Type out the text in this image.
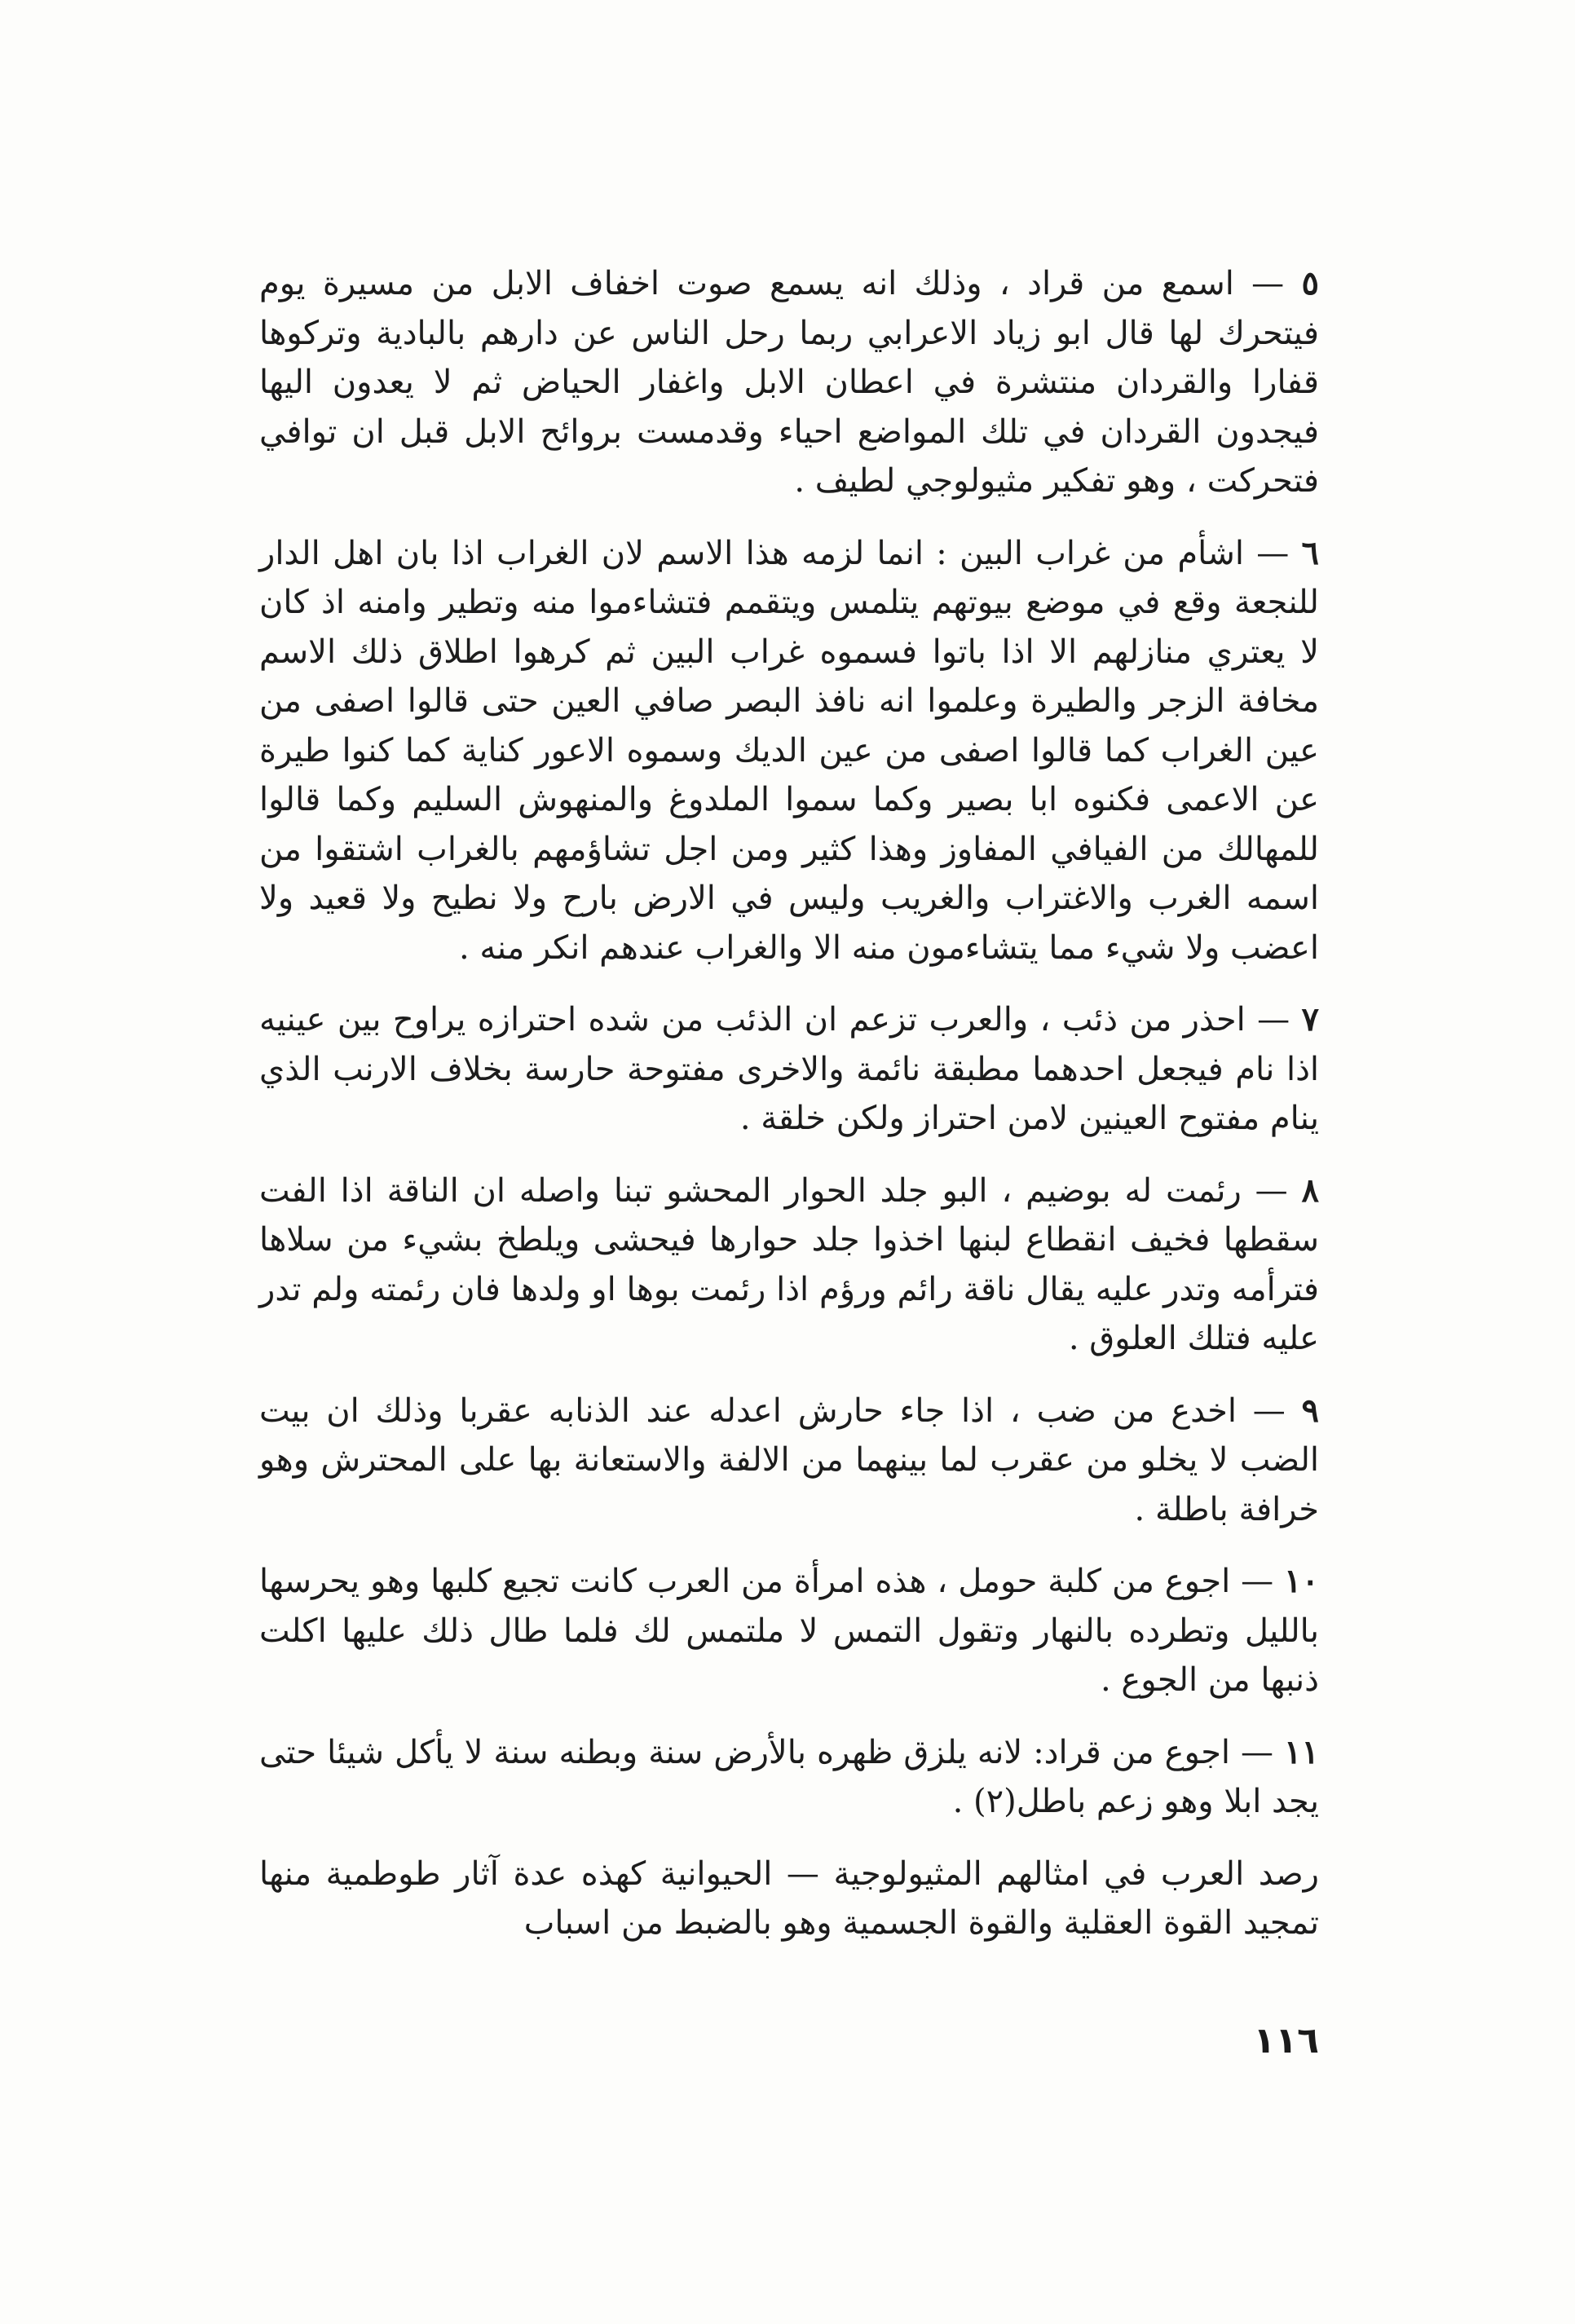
٥ — اسمع من قراد ، وذلك انه يسمع صوت اخفاف الابل من مسيرة يوم فيتحرك لها قال ابو زياد الاعرابي ربما رحل الناس عن دارهم بالبادية وتركوها قفارا والقردان منتشرة في اعطان الابل واغفار الحياض ثم لا يعدون اليها فيجدون القردان في تلك المواضع احياء وقدمست بروائح الابل قبل ان توافي فتحركت ، وهو تفكير مثيولوجي لطيف .
٦ — اشأم من غراب البين : انما لزمه هذا الاسم لان الغراب اذا بان اهل الدار للنجعة وقع في موضع بيوتهم يتلمس ويتقمم فتشاءموا منه وتطير وامنه اذ كان لا يعتري منازلهم الا اذا باتوا فسموه غراب البين ثم كرهوا اطلاق ذلك الاسم مخافة الزجر والطيرة وعلموا انه نافذ البصر صافي العين حتى قالوا اصفى من عين الغراب كما قالوا اصفى من عين الديك وسموه الاعور كناية كما كنوا طيرة عن الاعمى فكنوه ابا بصير وكما سموا الملدوغ والمنهوش السليم وكما قالوا للمهالك من الفيافي المفاوز وهذا كثير ومن اجل تشاؤمهم بالغراب اشتقوا من اسمه الغرب والاغتراب والغريب وليس في الارض بارح ولا نطيح ولا قعيد ولا اعضب ولا شيء مما يتشاءمون منه الا والغراب عندهم انكر منه .
٧ — احذر من ذئب ، والعرب تزعم ان الذئب من شده احترازه يراوح بين عينيه اذا نام فيجعل احدهما مطبقة نائمة والاخرى مفتوحة حارسة بخلاف الارنب الذي ينام مفتوح العينين لامن احتراز ولكن خلقة .
٨ — رئمت له بوضيم ، البو جلد الحوار المحشو تبنا واصله ان الناقة اذا الفت سقطها فخيف انقطاع لبنها اخذوا جلد حوارها فيحشى ويلطخ بشيء من سلاها فترأمه وتدر عليه يقال ناقة رائم ورؤم اذا رئمت بوها او ولدها فان رئمته ولم تدر عليه فتلك العلوق .
٩ — اخدع من ضب ، اذا جاء حارش اعدله عند الذنابه عقربا وذلك ان بيت الضب لا يخلو من عقرب لما بينهما من الالفة والاستعانة بها على المحترش وهو خرافة باطلة .
١٠ — اجوع من كلبة حومل ، هذه امرأة من العرب كانت تجيع كلبها وهو يحرسها بالليل وتطرده بالنهار وتقول التمس لا ملتمس لك فلما طال ذلك عليها اكلت ذنبها من الجوع .
١١ — اجوع من قراد: لانه يلزق ظهره بالأرض سنة وبطنه سنة لا يأكل شيئا حتى يجد ابلا وهو زعم باطل(٢) .
رصد العرب في امثالهم المثيولوجية — الحيوانية كهذه عدة آثار طوطمية منها تمجيد القوة العقلية والقوة الجسمية وهو بالضبط من اسباب
١١٦
